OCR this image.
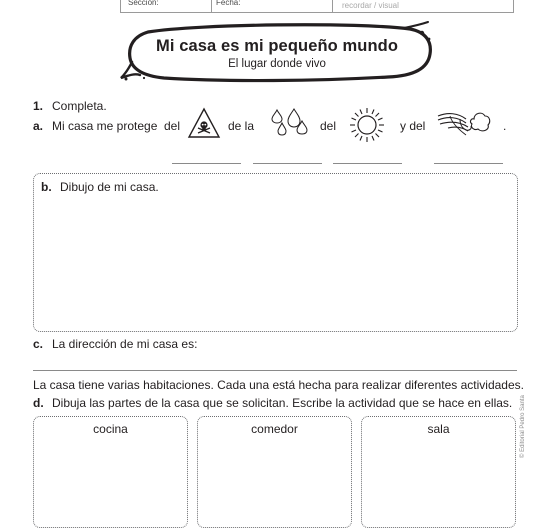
Sección:	Fecha:	recordar / visual
Mi casa es mi pequeño mundo
El lugar donde vivo
1. Completa.
a. Mi casa me protege del	de la	del	y del	.
b. Dibujo de mi casa.
c. La dirección de mi casa es:
La casa tiene varias habitaciones. Cada una está hecha para realizar diferentes actividades.
d. Dibuja las partes de la casa que se solicitan. Escribe la actividad que se hace en ellas.
cocina	comedor	sala	© Editorial Pedro Santa
